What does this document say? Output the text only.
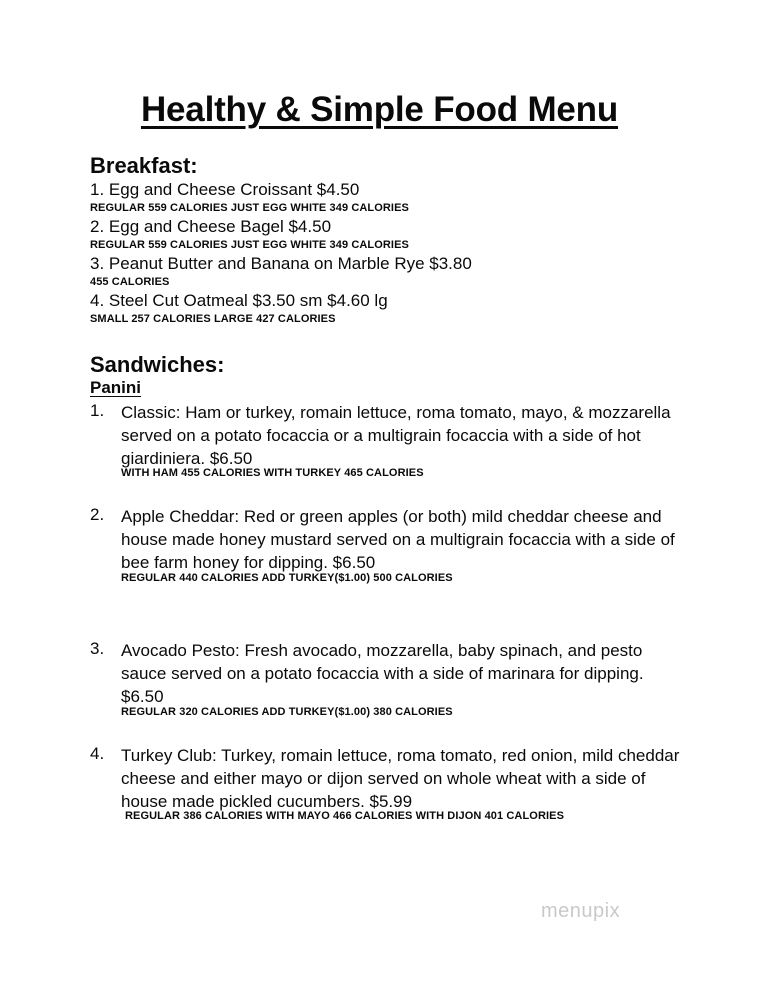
Healthy & Simple Food Menu
Breakfast:
1. Egg and Cheese Croissant $4.50
REGULAR 559 CALORIES JUST EGG WHITE 349 CALORIES
2. Egg and Cheese Bagel $4.50
REGULAR 559 CALORIES JUST EGG WHITE 349 CALORIES
3. Peanut Butter and Banana on Marble Rye $3.80
455 CALORIES
4. Steel Cut Oatmeal $3.50 sm $4.60 lg
SMALL 257 CALORIES LARGE 427 CALORIES
Sandwiches:
Panini
1. Classic: Ham or turkey, romain lettuce, roma tomato, mayo, & mozzarella served on a potato focaccia or a multigrain focaccia with a side of hot giardiniera. $6.50
WITH HAM 455 CALORIES WITH TURKEY 465 CALORIES
2. Apple Cheddar: Red or green apples (or both) mild cheddar cheese and house made honey mustard served on a multigrain focaccia with a side of bee farm honey for dipping. $6.50
REGULAR 440 CALORIES ADD TURKEY($1.00) 500 CALORIES
3. Avocado Pesto: Fresh avocado, mozzarella, baby spinach, and pesto sauce served on a potato focaccia with a side of marinara for dipping. $6.50
REGULAR 320 CALORIES ADD TURKEY($1.00) 380 CALORIES
4. Turkey Club: Turkey, romain lettuce, roma tomato, red onion, mild cheddar cheese and either mayo or dijon served on whole wheat with a side of house made pickled cucumbers. $5.99
REGULAR 386 CALORIES WITH MAYO 466 CALORIES WITH DIJON 401 CALORIES
menupix
